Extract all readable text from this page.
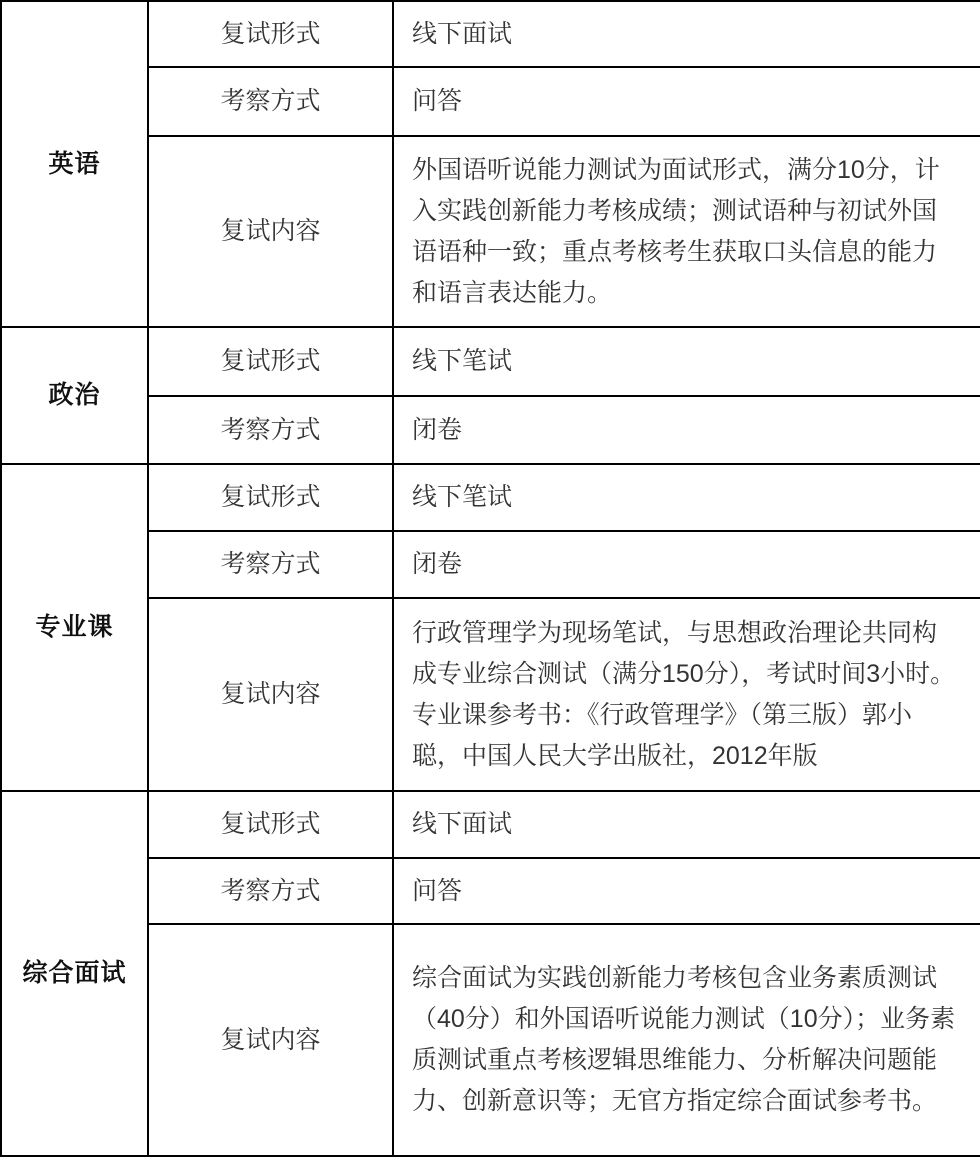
英语	复试形式	线下面试
	考察方式	问答
	复试内容	外国语听说能力测试为面试形式，满分10分，计入实践创新能力考核成绩；测试语种与初试外国语语种一致；重点考核考生获取口头信息的能力和语言表达能力。
政治	复试形式	线下笔试
	考察方式	闭卷
专业课	复试形式	线下笔试
	考察方式	闭卷
	复试内容	行政管理学为现场笔试，与思想政治理论共同构成专业综合测试（满分150分），考试时间3小时。专业课参考书：《行政管理学》（第三版）郭小聪，中国人民大学出版社，2012年版
综合面试	复试形式	线下面试
	考察方式	问答
	复试内容	综合面试为实践创新能力考核包含业务素质测试（40分）和外国语听说能力测试（10分）；业务素质测试重点考核逻辑思维能力、分析解决问题能力、创新意识等；无官方指定综合面试参考书。
